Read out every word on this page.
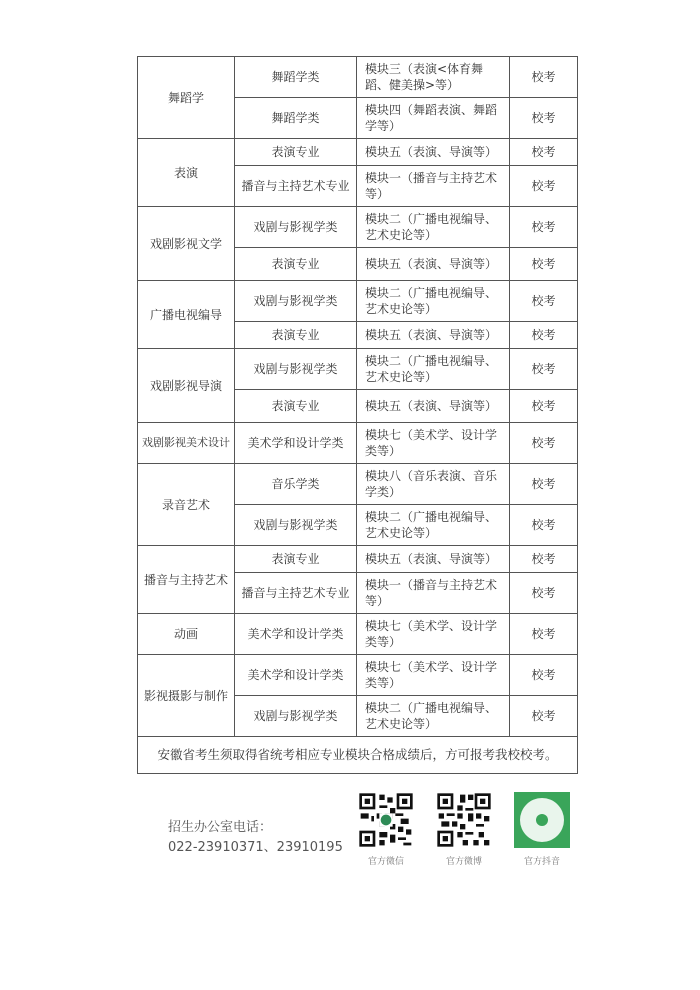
舞蹈学	舞蹈学类	模块三（表演<体育舞蹈、健美操>等）	校考
	舞蹈学类	模块四（舞蹈表演、舞蹈学等）	校考
表演	表演专业	模块五（表演、导演等）	校考
	播音与主持艺术专业	模块一（播音与主持艺术等）	校考
戏剧影视文学	戏剧与影视学类	模块二（广播电视编导、艺术史论等）	校考
	表演专业	模块五（表演、导演等）	校考
广播电视编导	戏剧与影视学类	模块二（广播电视编导、艺术史论等）	校考
	表演专业	模块五（表演、导演等）	校考
戏剧影视导演	戏剧与影视学类	模块二（广播电视编导、艺术史论等）	校考
	表演专业	模块五（表演、导演等）	校考
戏剧影视美术设计	美术学和设计学类	模块七（美术学、设计学类等）	校考
录音艺术	音乐学类	模块八（音乐表演、音乐学类）	校考
	戏剧与影视学类	模块二（广播电视编导、艺术史论等）	校考
播音与主持艺术	表演专业	模块五（表演、导演等）	校考
	播音与主持艺术专业	模块一（播音与主持艺术等）	校考
动画	美术学和设计学类	模块七（美术学、设计学类等）	校考
影视摄影与制作	美术学和设计学类	模块七（美术学、设计学类等）	校考
	戏剧与影视学类	模块二（广播电视编导、艺术史论等）	校考
安徽省考生须取得省统考相应专业模块合格成绩后，方可报考我校校考。			
招生办公室电话：
022-23910371、23910195
官方微信	官方微博	官方抖音
